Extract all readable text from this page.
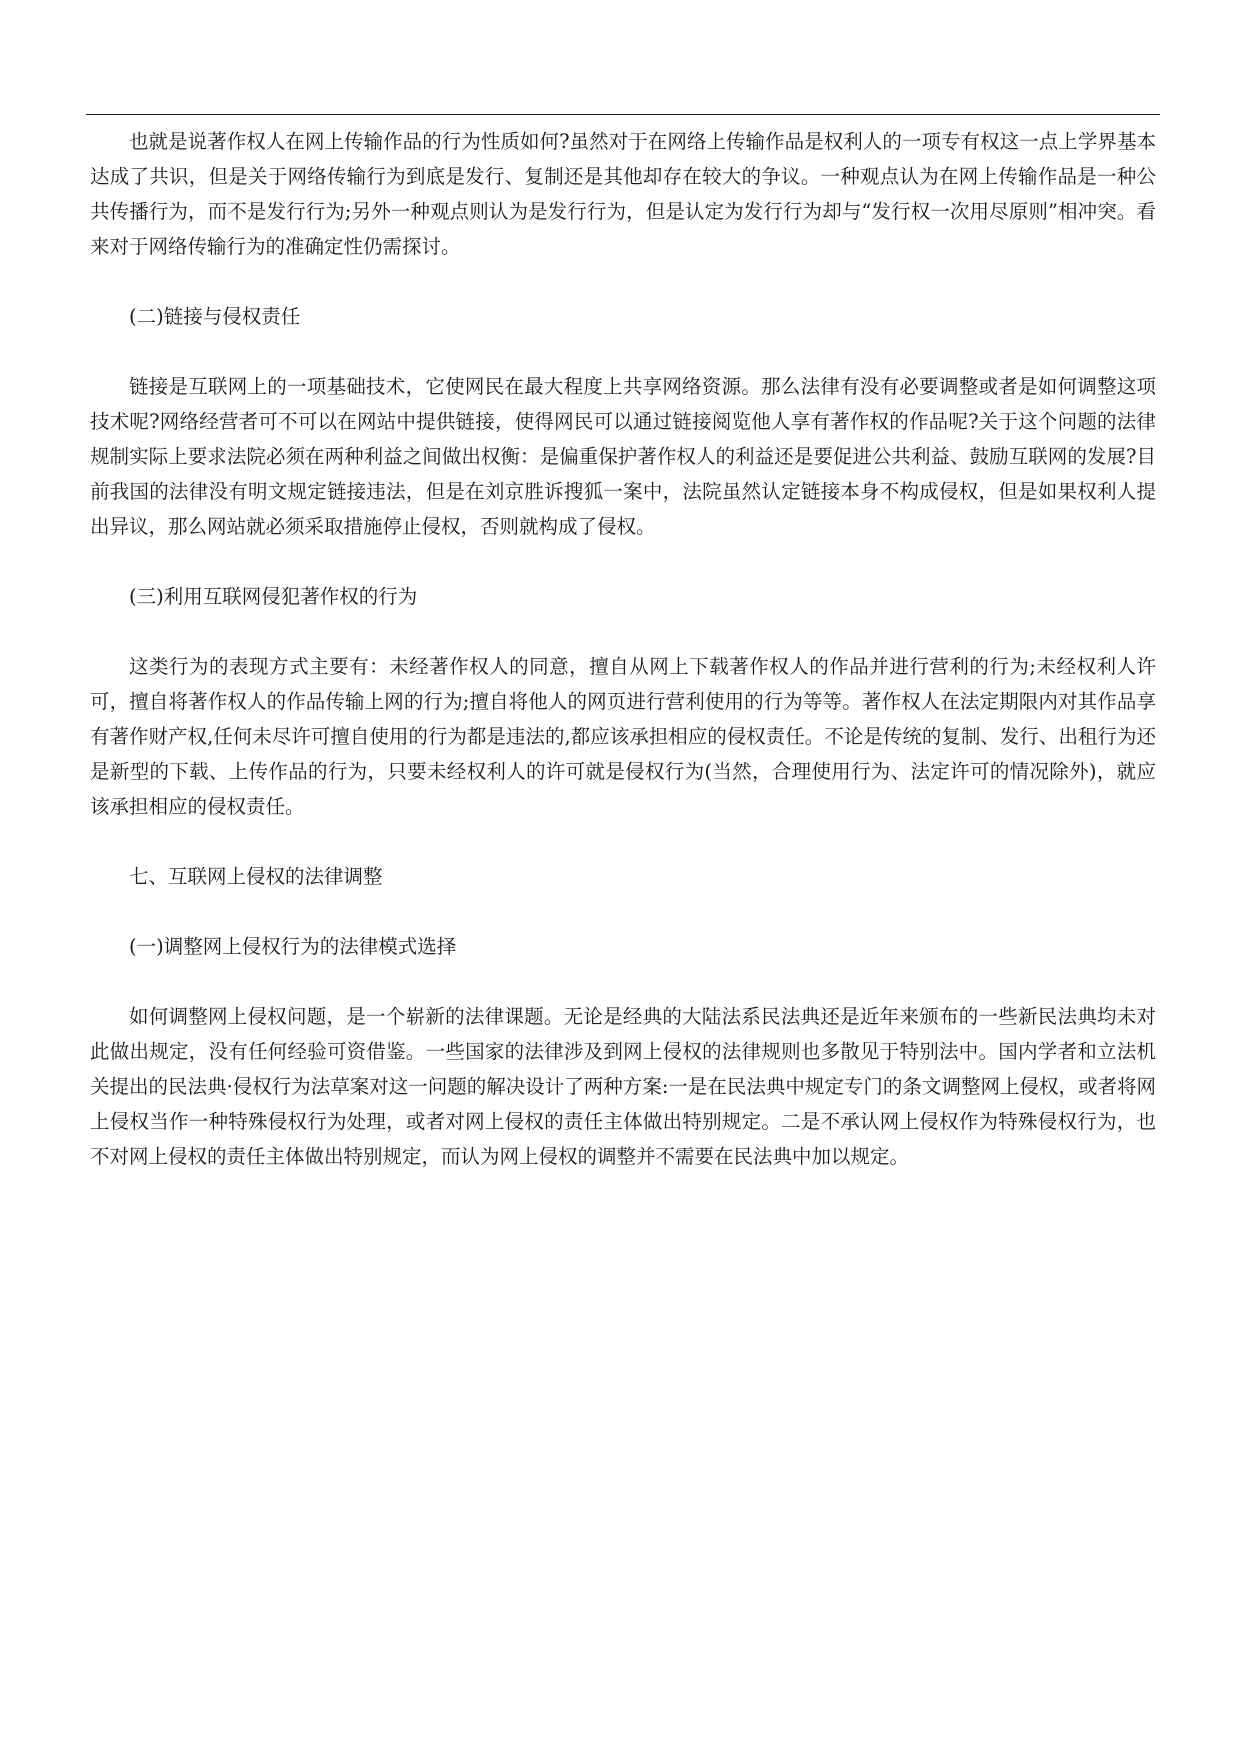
也就是说著作权人在网上传输作品的行为性质如何?虽然对于在网络上传输作品是权利人的一项专有权这一点上学界基本达成了共识，但是关于网络传输行为到底是发行、复制还是其他却存在较大的争议。一种观点认为在网上传输作品是一种公共传播行为，而不是发行行为;另外一种观点则认为是发行行为，但是认定为发行行为却与“发行权一次用尽原则”相冲突。看来对于网络传输行为的准确定性仍需探讨。

(二)链接与侵权责任

链接是互联网上的一项基础技术，它使网民在最大程度上共享网络资源。那么法律有没有必要调整或者是如何调整这项技术呢?网络经营者可不可以在网站中提供链接，使得网民可以通过链接阅览他人享有著作权的作品呢?关于这个问题的法律规制实际上要求法院必须在两种利益之间做出权衡：是偏重保护著作权人的利益还是要促进公共利益、鼓励互联网的发展?目前我国的法律没有明文规定链接违法，但是在刘京胜诉搜狐一案中，法院虽然认定链接本身不构成侵权，但是如果权利人提出异议，那么网站就必须采取措施停止侵权，否则就构成了侵权。

(三)利用互联网侵犯著作权的行为

这类行为的表现方式主要有：未经著作权人的同意，擅自从网上下载著作权人的作品并进行营利的行为;未经权利人许可，擅自将著作权人的作品传输上网的行为;擅自将他人的网页进行营利使用的行为等等。著作权人在法定期限内对其作品享有著作财产权,任何未尽许可擅自使用的行为都是违法的,都应该承担相应的侵权责任。不论是传统的复制、发行、出租行为还是新型的下载、上传作品的行为，只要未经权利人的许可就是侵权行为(当然，合理使用行为、法定许可的情况除外)，就应该承担相应的侵权责任。

七、互联网上侵权的法律调整

(一)调整网上侵权行为的法律模式选择

如何调整网上侵权问题，是一个崭新的法律课题。无论是经典的大陆法系民法典还是近年来颁布的一些新民法典均未对此做出规定，没有任何经验可资借鉴。一些国家的法律涉及到网上侵权的法律规则也多散见于特别法中。国内学者和立法机关提出的民法典·侵权行为法草案对这一问题的解决设计了两种方案:一是在民法典中规定专门的条文调整网上侵权，或者将网上侵权当作一种特殊侵权行为处理，或者对网上侵权的责任主体做出特别规定。二是不承认网上侵权作为特殊侵权行为，也不对网上侵权的责任主体做出特别规定，而认为网上侵权的调整并不需要在民法典中加以规定。
